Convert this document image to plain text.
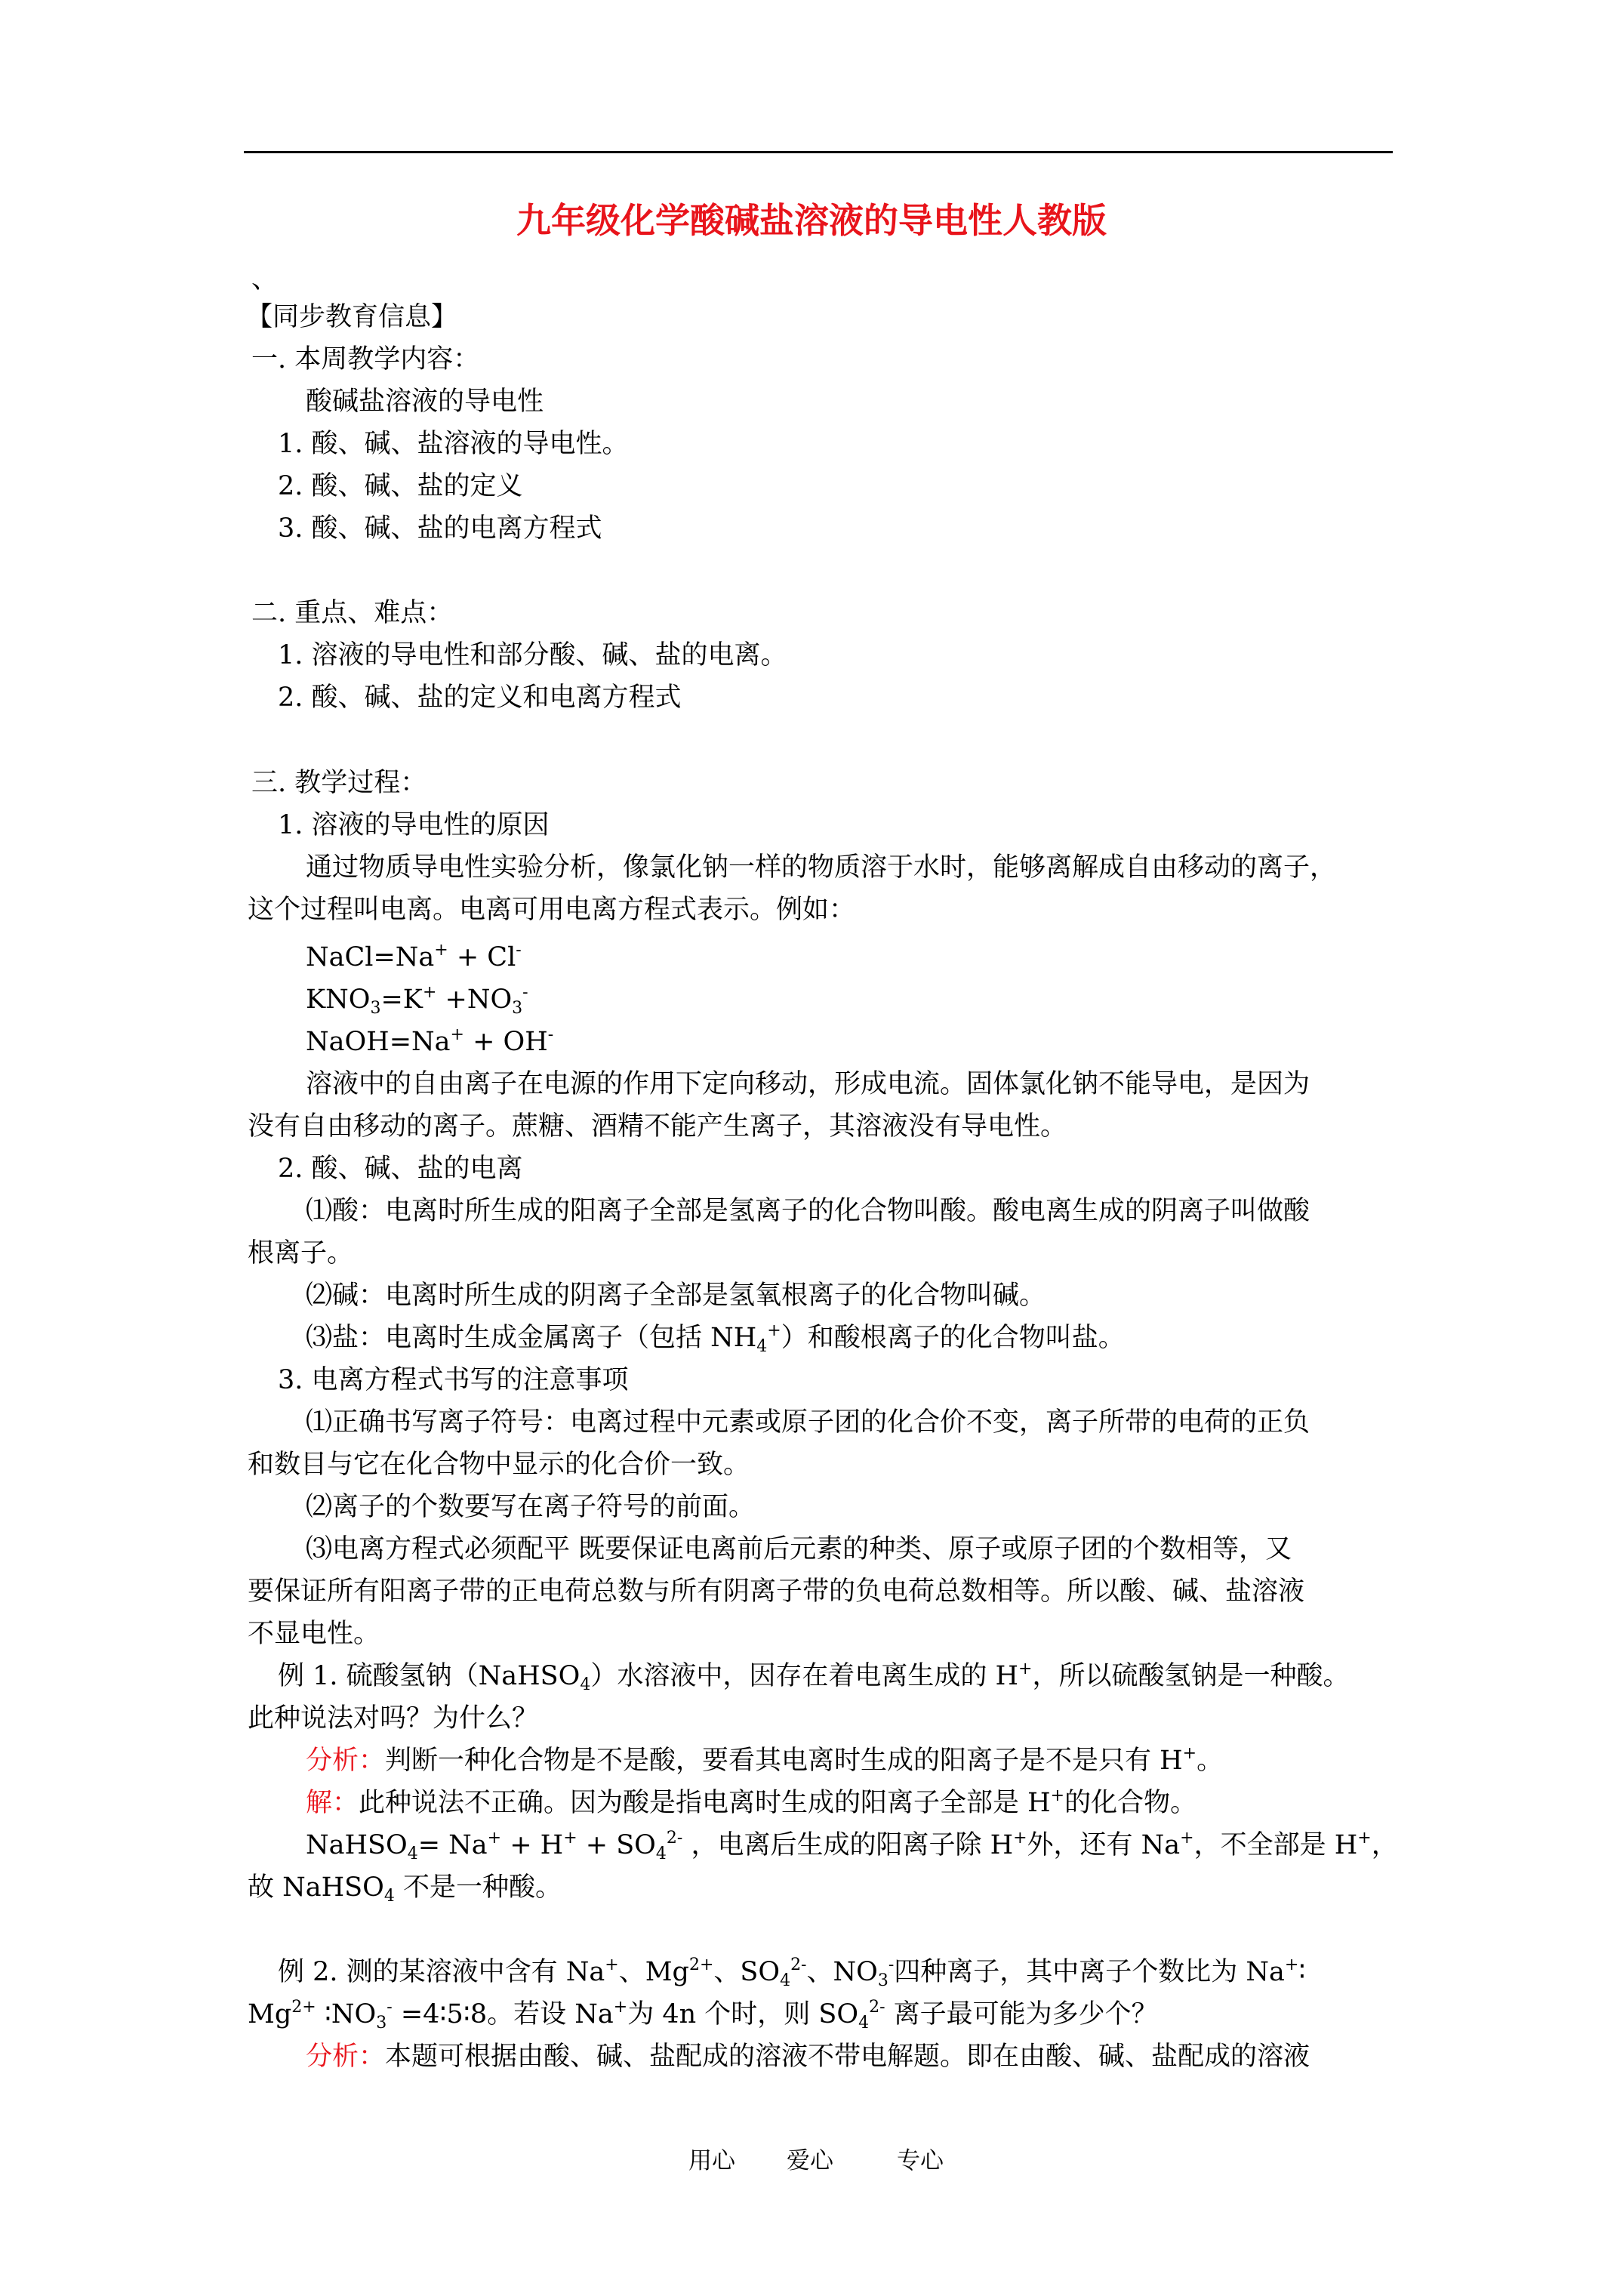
九年级化学酸碱盐溶液的导电性人教版
、
【同步教育信息】
一. 本周教学内容：
酸碱盐溶液的导电性
1. 酸、碱、盐溶液的导电性。
2. 酸、碱、盐的定义
3. 酸、碱、盐的电离方程式
二. 重点、难点：
1. 溶液的导电性和部分酸、碱、盐的电离。
2. 酸、碱、盐的定义和电离方程式
三. 教学过程：
1. 溶液的导电性的原因
通过物质导电性实验分析，像氯化钠一样的物质溶于水时，能够离解成自由移动的离子，
这个过程叫电离。电离可用电离方程式表示。例如：
NaCl=Na+ + Cl-
$KNO_3=K^+ +NO_3^-$
NaOH=Na+ + OH-
溶液中的自由离子在电源的作用下定向移动，形成电流。固体氯化钠不能导电，是因为
没有自由移动的离子。蔗糖、酒精不能产生离子，其溶液没有导电性。
2. 酸、碱、盐的电离
⑴酸：电离时所生成的阳离子全部是氢离子的化合物叫酸。酸电离生成的阴离子叫做酸
根离子。
⑵碱：电离时所生成的阴离子全部是氢氧根离子的化合物叫碱。
⑶盐：电离时生成金属离子（包括 $NH_4^+$）和酸根离子的化合物叫盐。
3. 电离方程式书写的注意事项
⑴正确书写离子符号：电离过程中元素或原子团的化合价不变，离子所带的电荷的正负
和数目与它在化合物中显示的化合价一致。
⑵离子的个数要写在离子符号的前面。
⑶电离方程式必须配平 既要保证电离前后元素的种类、原子或原子团的个数相等，又
要保证所有阳离子带的正电荷总数与所有阴离子带的负电荷总数相等。所以酸、碱、盐溶液
不显电性。
例 1. 硫酸氢钠（NaHSO$_4$）水溶液中，因存在着电离生成的 H+，所以硫酸氢钠是一种酸。
此种说法对吗？为什么？
分析：判断一种化合物是不是酸，要看其电离时生成的阳离子是不是只有 H+。
解：此种说法不正确。因为酸是指电离时生成的阳离子全部是 H+的化合物。
NaHSO$_4$= $Na^+ + H^+ + SO_4^{2-}$ ，电离后生成的阳离子除 H+外，还有 Na+，不全部是 H+，
故 NaHSO$_4$ 不是一种酸。
例 2. 测的某溶液中含有 Na+、$Mg^{2+}$、$SO_4^{2-}$、$NO_3^-$四种离子，其中离子个数比为 Na+∶
$Mg^{2+}$ $∶NO_3^-$ =4∶5∶8。若设 Na+为 4n 个时，则 $SO_4^{2-}$ 离子最可能为多少个？
分析：本题可根据由酸、碱、盐配成的溶液不带电解题。即在由酸、碱、盐配成的溶液
用心 爱心	专心
